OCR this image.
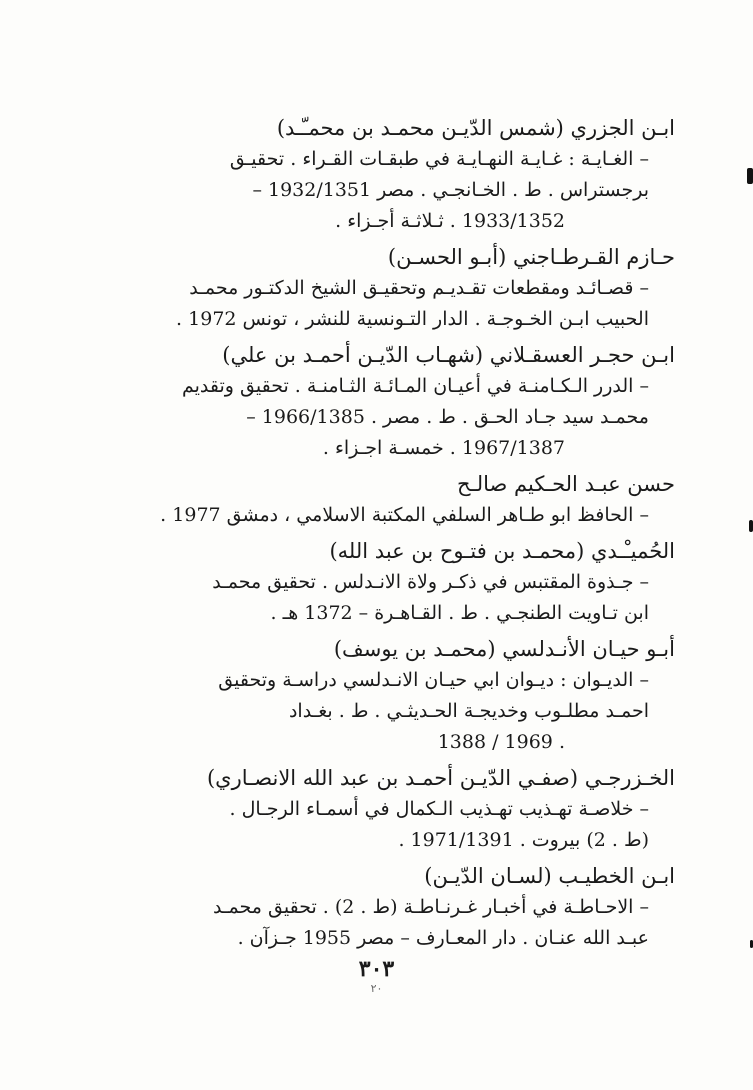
ابـن الجزري (شمس الدّيـن محمـد بن محمـّـد)
– الغـايـة : غـايـة النهـايـة في طبقـات القـراء . تحقيـق
برجستراس . ط . الخـانجـي . مصر 1932/1351 –
1933/1352 . ثـلاثـة أجـزاء .
حـازم القـرطـاجني (أبـو الحسـن)
– قصـائـد ومقطعات تقـديـم وتحقيـق الشيخ الدكتـور محمـد
الحبيب ابـن الخـوجـة . الدار التـونسية للنشر ، تونس 1972 .
ابـن حجـر العسقـلاني (شهـاب الدّيـن أحمـد بن علي)
– الدرر الـكـامنـة في أعيـان المـائـة الثـامنـة . تحقيق وتقديم
محمـد سيد جـاد الحـق . ط . مصر . 1966/1385 –
1967/1387 . خمسـة اجـزاء .
حسن عبـد الحـكيم صالـح
– الحافظ ابو طـاهر السلفي المكتبة الاسلامي ، دمشق 1977 .
الحُميـْـدي (محمـد بن فتـوح بن عبد الله)
– جـذوة المقتبس في ذكـر ولاة الانـدلس . تحقيق محمـد
ابن تـاويت الطنجـي . ط . القـاهـرة – 1372 هـ .
أبـو حيـان الأنـدلسي (محمـد بن يوسف)
– الديـوان : ديـوان ابي حيـان الانـدلسي دراسـة وتحقيق
احمـد مطلـوب وخديجـة الحـديثـي . ط . بغـداد
. 1969 / 1388
الخـزرجـي (صفـي الدّيـن أحمـد بن عبد الله الانصـاري)
– خلاصـة تهـذيب تهـذيب الـكمال في أسمـاء الرجـال .
(ط . 2) بيروت . 1971/1391 .
ابـن الخطيـب (لسـان الدّيـن)
– الاحـاطـة في أخبـار غـرنـاطـة (ط . 2) . تحقيق محمـد
عبـد الله عنـان . دار المعـارف – مصر 1955 جـزآن .
٣٠٣
٢٠
